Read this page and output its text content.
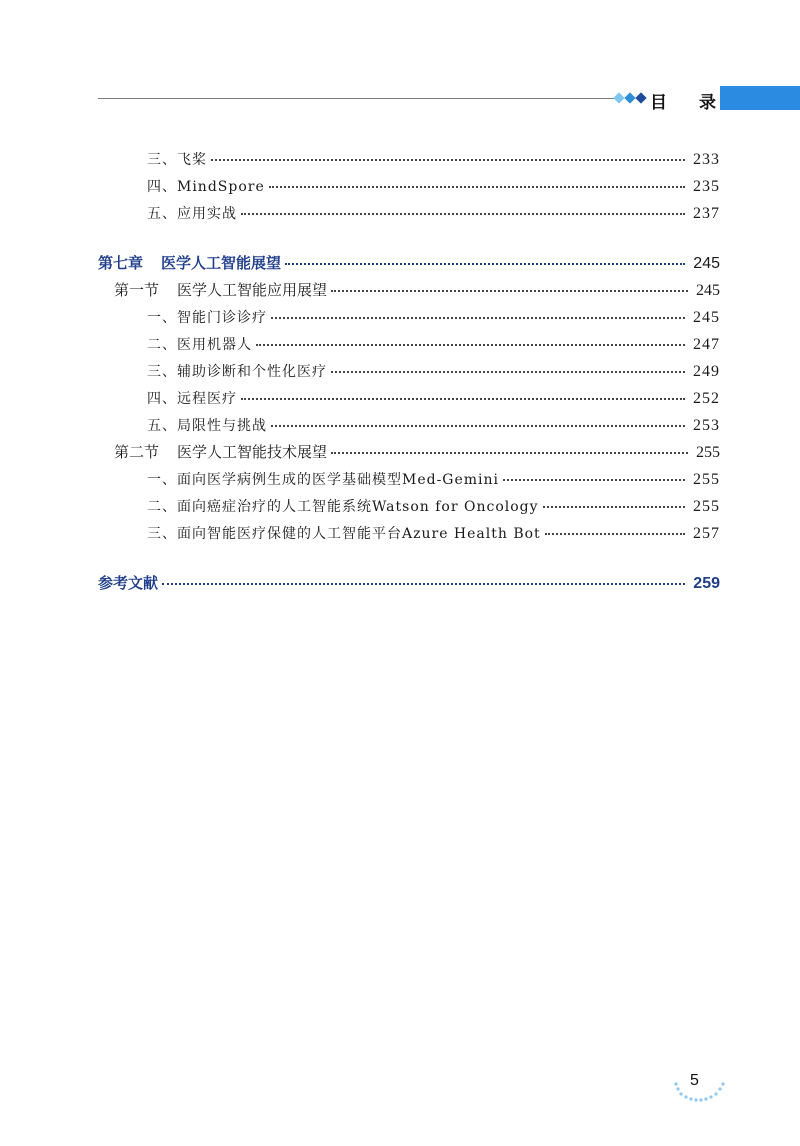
目 录
三、飞桨	233
四、MindSpore	235
五、应用实战	237
第七章 医学人工智能展望	245
第一节 医学人工智能应用展望	245
一、智能门诊诊疗	245
二、医用机器人	247
三、辅助诊断和个性化医疗	249
四、远程医疗	252
五、局限性与挑战	253
第二节 医学人工智能技术展望	255
一、面向医学病例生成的医学基础模型Med-Gemini	255
二、面向癌症治疗的人工智能系统Watson for Oncology	255
三、面向智能医疗保健的人工智能平台Azure Health Bot	257
参考文献	259
5
